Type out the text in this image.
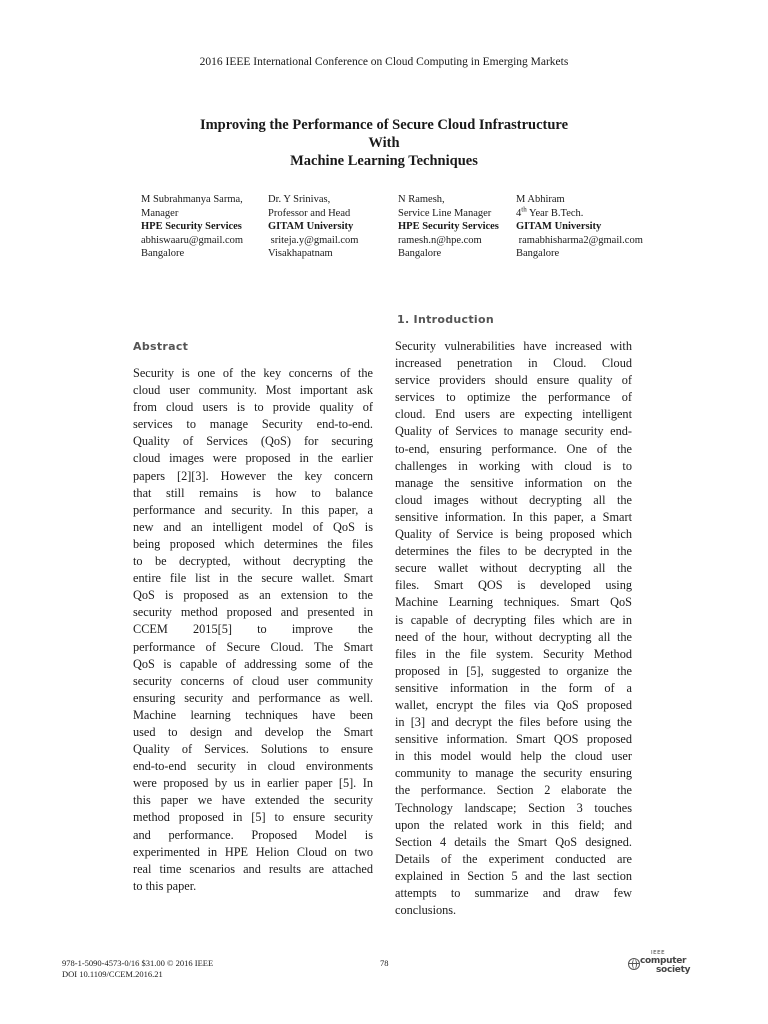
2016 IEEE International Conference on Cloud Computing in Emerging Markets
Improving the Performance of Secure Cloud Infrastructure
With
Machine Learning Techniques
M Subrahmanya Sarma,
Manager
HPE Security Services
abhiswaaru@gmail.com
Bangalore
Dr. Y Srinivas,
Professor and Head
GITAM University
sriteja.y@gmail.com
Visakhapatnam
N Ramesh,
Service Line Manager
HPE Security Services
ramesh.n@hpe.com
Bangalore
M Abhiram
4th Year B.Tech.
GITAM University
ramabhisharma2@gmail.com
Bangalore
1. Introduction
Abstract
Security is one of the key concerns of the
cloud user community. Most important ask
from cloud users is to provide quality of
services to manage Security end-to-end.
Quality of Services (QoS) for securing
cloud images were proposed in the earlier
papers [2][3]. However the key concern
that still remains is how to balance
performance and security. In this paper, a
new and an intelligent model of QoS is
being proposed which determines the files
to be decrypted, without decrypting the
entire file list in the secure wallet. Smart
QoS is proposed as an extension to the
security method proposed and presented in
CCEM 2015[5] to improve the
performance of Secure Cloud. The Smart
QoS is capable of addressing some of the
security concerns of cloud user community
ensuring security and performance as well.
Machine learning techniques have been
used to design and develop the Smart
Quality of Services. Solutions to ensure
end-to-end security in cloud environments
were proposed by us in earlier paper [5]. In
this paper we have extended the security
method proposed in [5] to ensure security
and performance. Proposed Model is
experimented in HPE Helion Cloud on two
real time scenarios and results are attached
to this paper.
Security vulnerabilities have increased with
increased penetration in Cloud. Cloud
service providers should ensure quality of
services to optimize the performance of
cloud. End users are expecting intelligent
Quality of Services to manage security end-
to-end, ensuring performance. One of the
challenges in working with cloud is to
manage the sensitive information on the
cloud images without decrypting all the
sensitive information. In this paper, a Smart
Quality of Service is being proposed which
determines the files to be decrypted in the
secure wallet without decrypting all the
files. Smart QOS is developed using
Machine Learning techniques. Smart QoS
is capable of decrypting files which are in
need of the hour, without decrypting all the
files in the file system. Security Method
proposed in [5], suggested to organize the
sensitive information in the form of a
wallet, encrypt the files via QoS proposed
in [3] and decrypt the files before using the
sensitive information. Smart QOS proposed
in this model would help the cloud user
community to manage the security ensuring
the performance. Section 2 elaborate the
Technology landscape; Section 3 touches
upon the related work in this field; and
Section 4 details the Smart QoS designed.
Details of the experiment conducted are
explained in Section 5 and the last section
attempts to summarize and draw few
conclusions.
978-1-5090-4573-0/16 $31.00 © 2016 IEEE
DOI 10.1109/CCEM.2016.21
78
IEEE
computer
society
